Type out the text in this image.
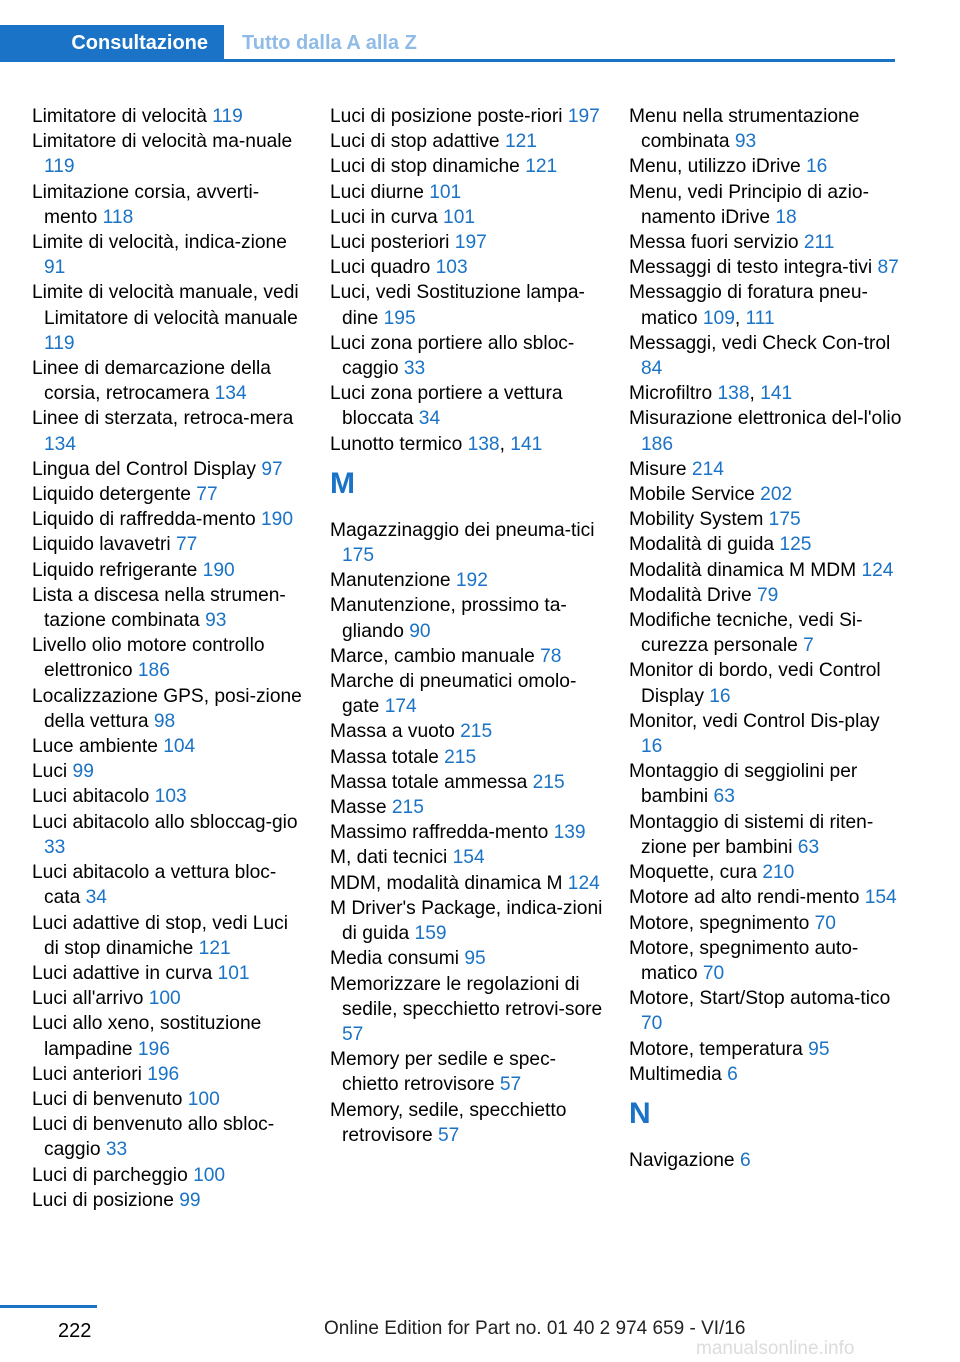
Consultazione Tutto dalla A alla Z
Limitatore di velocità 119
Limitatore di velocità ma-nuale 119
Limitazione corsia, avverti-mento 118
Limite di velocità, indica-zione 91
Limite di velocità manuale, vedi Limitatore di velocità manuale 119
Linee di demarcazione della corsia, retrocamera 134
Linee di sterzata, retroca-mera 134
Lingua del Control Display 97
Liquido detergente 77
Liquido di raffredda-mento 190
Liquido lavavetri 77
Liquido refrigerante 190
Lista a discesa nella strumen-tazione combinata 93
Livello olio motore controllo elettronico 186
Localizzazione GPS, posi-zione della vettura 98
Luce ambiente 104
Luci 99
Luci abitacolo 103
Luci abitacolo allo sbloccag-gio 33
Luci abitacolo a vettura bloc-cata 34
Luci adattive di stop, vedi Luci di stop dinamiche 121
Luci adattive in curva 101
Luci all'arrivo 100
Luci allo xeno, sostituzione lampadine 196
Luci anteriori 196
Luci di benvenuto 100
Luci di benvenuto allo sbloc-caggio 33
Luci di parcheggio 100
Luci di posizione 99
Luci di posizione poste-riori 197
Luci di stop adattive 121
Luci di stop dinamiche 121
Luci diurne 101
Luci in curva 101
Luci posteriori 197
Luci quadro 103
Luci, vedi Sostituzione lampa-dine 195
Luci zona portiere allo sbloc-caggio 33
Luci zona portiere a vettura bloccata 34
Lunotto termico 138, 141
M
Magazzinaggio dei pneuma-tici 175
Manutenzione 192
Manutenzione, prossimo ta-gliando 90
Marce, cambio manuale 78
Marche di pneumatici omolo-gate 174
Massa a vuoto 215
Massa totale 215
Massa totale ammessa 215
Masse 215
Massimo raffredda-mento 139
M, dati tecnici 154
MDM, modalità dinamica M 124
M Driver's Package, indica-zioni di guida 159
Media consumi 95
Memorizzare le regolazioni di sedile, specchietto retrovi-sore 57
Memory per sedile e spec-chietto retrovisore 57
Memory, sedile, specchietto retrovisore 57
Menu nella strumentazione combinata 93
Menu, utilizzo iDrive 16
Menu, vedi Principio di azio-namento iDrive 18
Messa fuori servizio 211
Messaggi di testo integra-tivi 87
Messaggio di foratura pneu-matico 109, 111
Messaggi, vedi Check Con-trol 84
Microfiltro 138, 141
Misurazione elettronica del-l'olio 186
Misure 214
Mobile Service 202
Mobility System 175
Modalità di guida 125
Modalità dinamica M MDM 124
Modalità Drive 79
Modifiche tecniche, vedi Si-curezza personale 7
Monitor di bordo, vedi Control Display 16
Monitor, vedi Control Dis-play 16
Montaggio di seggiolini per bambini 63
Montaggio di sistemi di riten-zione per bambini 63
Moquette, cura 210
Motore ad alto rendi-mento 154
Motore, spegnimento 70
Motore, spegnimento auto-matico 70
Motore, Start/Stop automa-tico 70
Motore, temperatura 95
Multimedia 6
N
Navigazione 6
222	Online Edition for Part no. 01 40 2 974 659 - VI/16
manualsonline.info
